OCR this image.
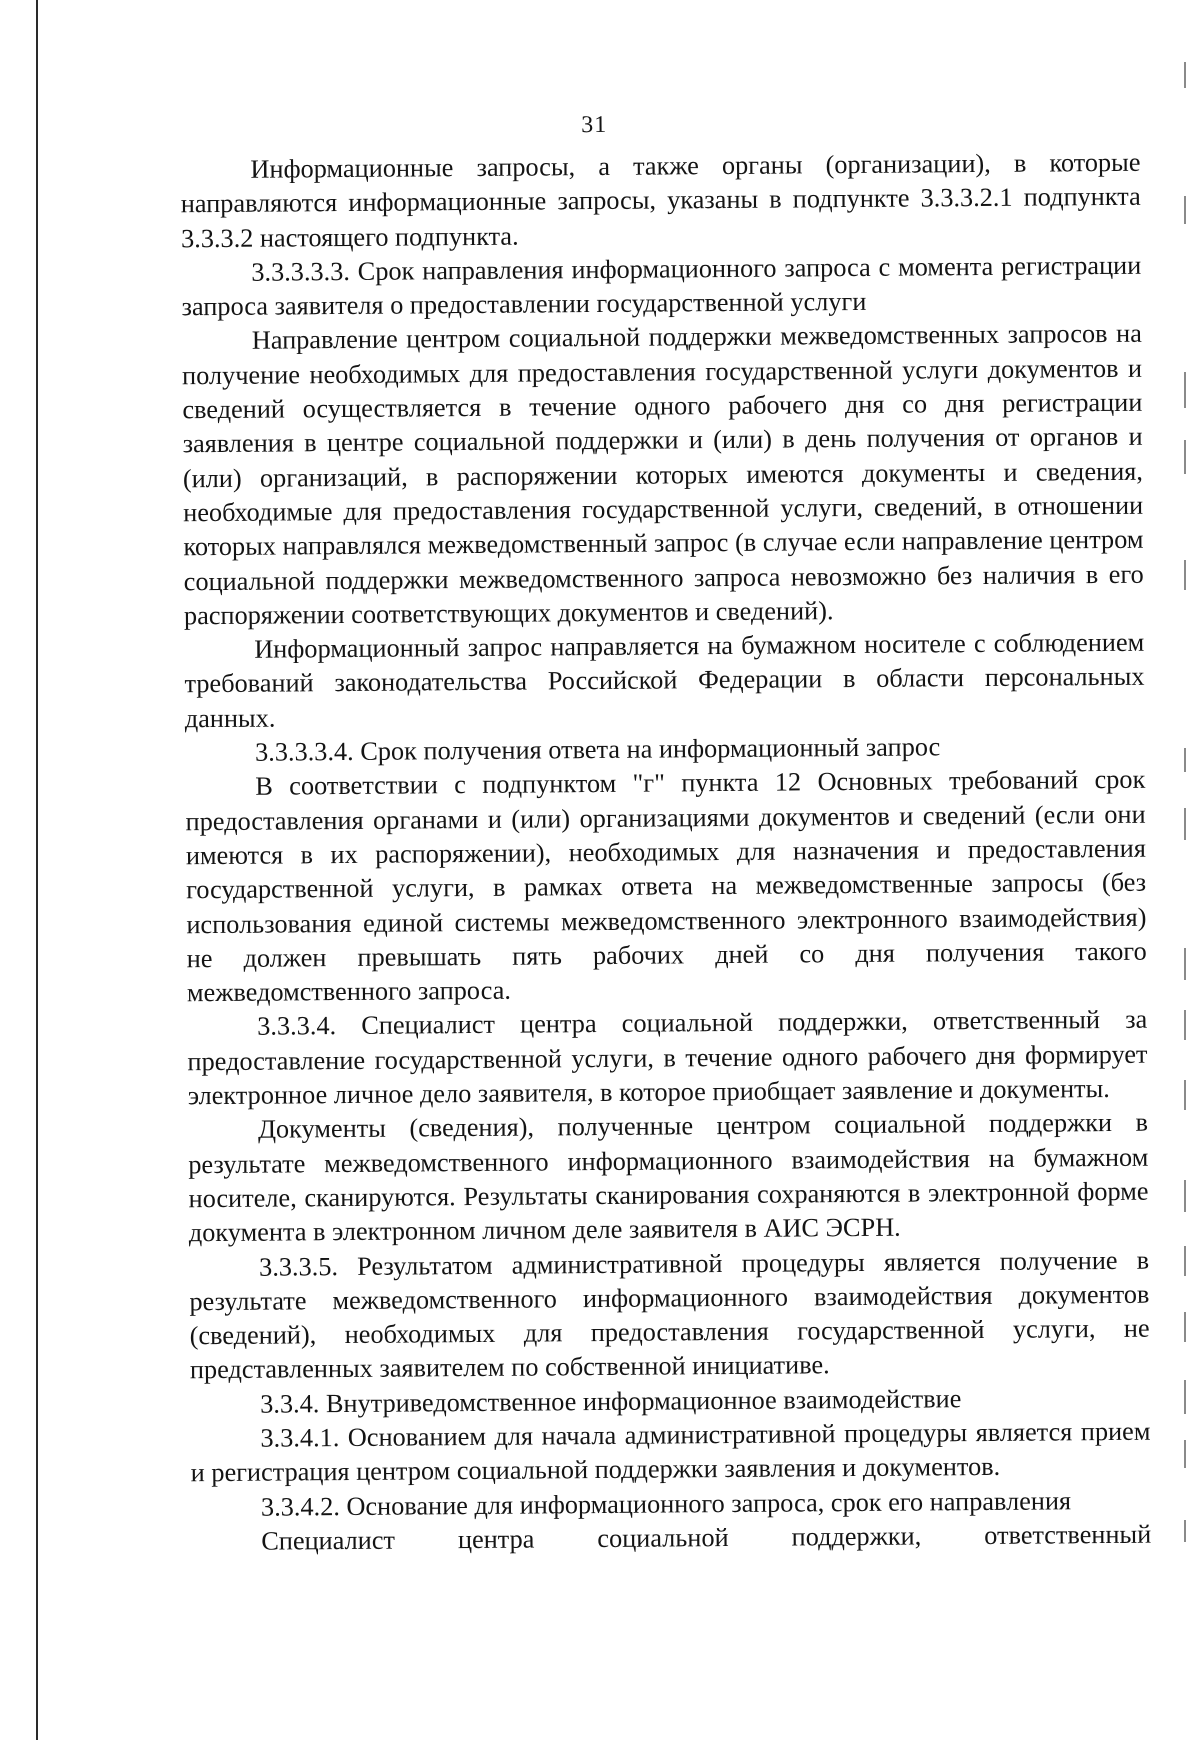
31

Информационные запросы, а также органы (организации), в которые направляются информационные запросы, указаны в подпункте 3.3.3.2.1 подпункта 3.3.3.2 настоящего подпункта.

3.3.3.3.3. Срок направления информационного запроса с момента регистрации запроса заявителя о предоставлении государственной услуги

Направление центром социальной поддержки межведомственных запросов на получение необходимых для предоставления государственной услуги документов и сведений осуществляется в течение одного рабочего дня со дня регистрации заявления в центре социальной поддержки и (или) в день получения от органов и (или) организаций, в распоряжении которых имеются документы и сведения, необходимые для предоставления государственной услуги, сведений, в отношении которых направлялся межведомственный запрос (в случае если направление центром социальной поддержки межведомственного запроса невозможно без наличия в его распоряжении соответствующих документов и сведений).

Информационный запрос направляется на бумажном носителе с соблюдением требований законодательства Российской Федерации в области персональных данных.

3.3.3.3.4. Срок получения ответа на информационный запрос

В соответствии с подпунктом "г" пункта 12 Основных требований срок предоставления органами и (или) организациями документов и сведений (если они имеются в их распоряжении), необходимых для назначения и предоставления государственной услуги, в рамках ответа на межведомственные запросы (без использования единой системы межведомственного электронного взаимодействия) не должен превышать пять рабочих дней со дня получения такого межведомственного запроса.

3.3.3.4. Специалист центра социальной поддержки, ответственный за предоставление государственной услуги, в течение одного рабочего дня формирует электронное личное дело заявителя, в которое приобщает заявление и документы.

Документы (сведения), полученные центром социальной поддержки в результате межведомственного информационного взаимодействия на бумажном носителе, сканируются. Результаты сканирования сохраняются в электронной форме документа в электронном личном деле заявителя в АИС ЭСРН.

3.3.3.5. Результатом административной процедуры является получение в результате межведомственного информационного взаимодействия документов (сведений), необходимых для предоставления государственной услуги, не представленных заявителем по собственной инициативе.

3.3.4. Внутриведомственное информационное взаимодействие

3.3.4.1. Основанием для начала административной процедуры является прием и регистрация центром социальной поддержки заявления и документов.

3.3.4.2. Основание для информационного запроса, срок его направления

Специалист центра социальной поддержки, ответственный
